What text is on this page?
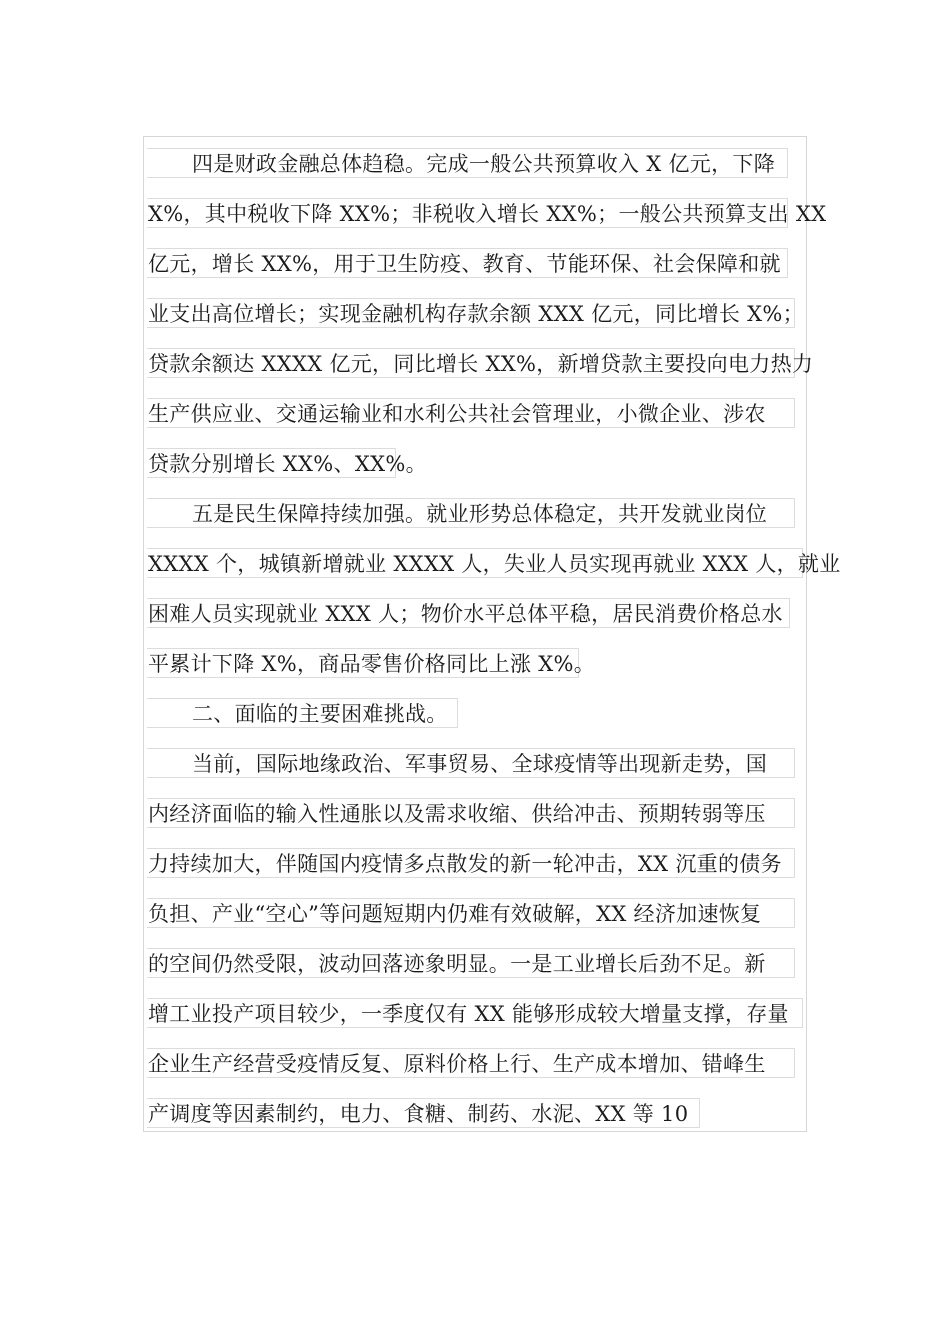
四是财政金融总体趋稳。完成一般公共预算收入 X 亿元，下降
X%，其中税收下降 XX%；非税收入增长 XX%；一般公共预算支出 XX
亿元，增长 XX%，用于卫生防疫、教育、节能环保、社会保障和就
业支出高位增长；实现金融机构存款余额 XXX 亿元，同比增长 X%；
贷款余额达 XXXX 亿元，同比增长 XX%，新增贷款主要投向电力热力
生产供应业、交通运输业和水利公共社会管理业，小微企业、涉农
贷款分别增长 XX%、XX%。
五是民生保障持续加强。就业形势总体稳定，共开发就业岗位
XXXX 个，城镇新增就业 XXXX 人，失业人员实现再就业 XXX 人，就业
困难人员实现就业 XXX 人；物价水平总体平稳，居民消费价格总水
平累计下降 X%，商品零售价格同比上涨 X%。
二、面临的主要困难挑战。
当前，国际地缘政治、军事贸易、全球疫情等出现新走势，国
内经济面临的输入性通胀以及需求收缩、供给冲击、预期转弱等压
力持续加大，伴随国内疫情多点散发的新一轮冲击，XX 沉重的债务
负担、产业“空心”等问题短期内仍难有效破解，XX 经济加速恢复
的空间仍然受限，波动回落迹象明显。一是工业增长后劲不足。新
增工业投产项目较少，一季度仅有 XX 能够形成较大增量支撑，存量
企业生产经营受疫情反复、原料价格上行、生产成本增加、错峰生
产调度等因素制约，电力、食糖、制药、水泥、XX 等 10
